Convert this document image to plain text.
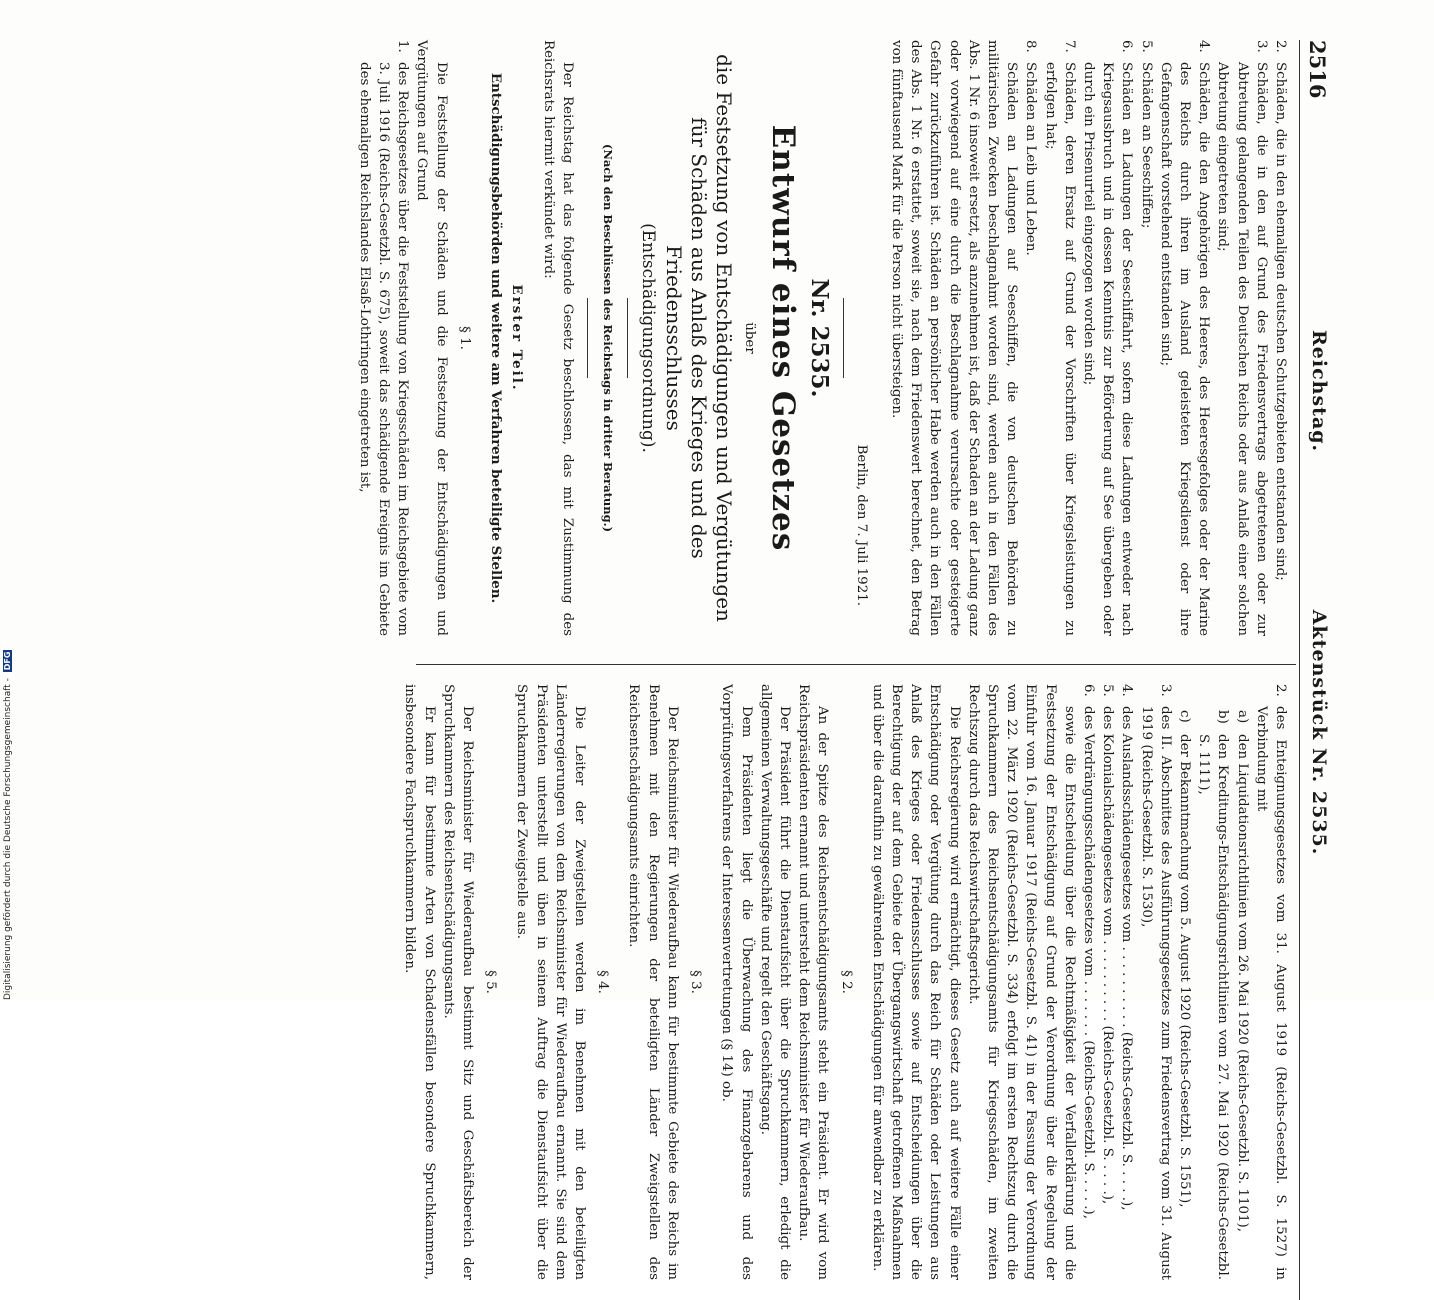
2516
Reichstag. Aktenstück Nr. 2535.

2.
Schäden, die in den ehemaligen deutschen Schutzgebieten entstanden sind;

3.
Schäden, die in den auf Grund des Friedensvertrags abgetretenen oder zur Abtretung gelangenden Teilen des Deutschen Reichs oder aus Anlaß einer solchen Abtretung eingetreten sind;

4.
Schäden, die den Angehörigen des Heeres, des Heeresgefolges oder der Marine des Reichs durch ihren im Ausland geleisteten Kriegsdienst oder ihre Gefangenschaft vorstehend entstanden sind;

5.
Schäden an Seeschiffen;

6.
Schäden an Ladungen der Seeschiffahrt, sofern diese Ladungen entweder nach Kriegsausbruch und in dessen Kenntnis zur Beförderung auf See übergeben oder durch ein Prisenurteil eingezogen worden sind;

7.
Schäden, deren Ersatz auf Grund der Vorschriften über Kriegsleistungen zu erfolgen hat;

8.
Schäden an Leib und Leben.

Schäden an Ladungen auf Seeschiffen, die von deutschen Behörden zu militärischen Zwecken beschlagnahmt worden sind, werden auch in den Fällen des Abs. 1 Nr. 6 insoweit ersetzt, als anzunehmen ist, daß der Schaden an der Ladung ganz oder vorwiegend auf eine durch die Beschlagnahme verursachte oder gesteigerte Gefahr zurückzuführen ist. Schäden an persönlicher Habe werden auch in den Fällen des Abs. 1 Nr. 6 erstattet, soweit sie, nach dem Friedenswert berechnet, den Betrag von fünftausend Mark für die Person nicht übersteigen.

Berlin, den 7. Juli 1921.

Nr. 2535.
Entwurf eines Gesetzes
über
die Festsetzung von Entschädigungen und Vergütungen für Schäden aus Anlaß des Krieges und des Friedensschlusses
(Entschädigungsordnung).
(Nach den Beschlüssen des Reichstags in dritter Beratung.)

Der Reichstag hat das folgende Gesetz beschlossen, das mit Zustimmung des Reichsrats hiermit verkündet wird:

Erster Teil.
Entschädigungsbehörden und weitere am Verfahren beteiligte Stellen.
§ 1.

Die Feststellung der Schäden und die Festsetzung der Entschädigungen und Vergütungen auf Grund

1.
des Reichsgesetzes über die Feststellung von Kriegsschäden im Reichsgebiete vom 3. Juli 1916 (Reichs-Gesetzbl. S. 675), soweit das schädigende Ereignis im Gebiete des ehemaligen Reichslandes Elsaß-Lothringen eingetreten ist,

2.
des Enteignungsgesetzes vom 31. August 1919 (Reichs-Gesetzbl. S. 1527) in Verbindung mit

a)
den Liquidationsrichtlinien vom 26. Mai 1920 (Reichs-Gesetzbl. S. 1101),

b)
den Kreditungs-Entschädigungsrichtlinien vom 27. Mai 1920 (Reichs-Gesetzbl. S. 1111),

c)
der Bekanntmachung vom 5. August 1920 (Reichs-Gesetzbl. S. 1551),

3.
des II. Abschnittes des Ausführungsgesetzes zum Friedensvertrag vom 31. August 1919 (Reichs-Gesetzbl. S. 1530),

4.
des Auslandsschädengesetzes vom . . . . . . . . . . (Reichs-Gesetzbl. S. . . . .),

5.
des Kolonialschädengesetzes vom . . . . . . . . . . (Reichs-Gesetzbl. S. . . . .),

6.
des Verdrängungsschädengesetzes vom . . . . . . . (Reichs-Gesetzbl. S. . . . .),

sowie die Entscheidung über die Rechtmäßigkeit der Verfallerklärung und die Festsetzung der Entschädigung auf Grund der Verordnung über die Regelung der Einfuhr vom 16. Januar 1917 (Reichs-Gesetzbl. S. 41) in der Fassung der Verordnung vom 22. März 1920 (Reichs-Gesetzbl. S. 334) erfolgt im ersten Rechtszug durch die Spruchkammern des Reichsentschädigungsamts für Kriegsschäden, im zweiten Rechtszug durch das Reichswirtschaftsgericht.

Die Reichsregierung wird ermächtigt, dieses Gesetz auch auf weitere Fälle einer Entschädigung oder Vergütung durch das Reich für Schäden oder Leistungen aus Anlaß des Krieges oder Friedensschlusses sowie auf Entscheidungen über die Berechtigung der auf dem Gebiete der Übergangswirtschaft getroffenen Maßnahmen und über die daraufhin zu gewährenden Entschädigungen für anwendbar zu erklären.

§ 2.

An der Spitze des Reichsentschädigungsamts steht ein Präsident. Er wird vom Reichspräsidenten ernannt und untersteht dem Reichsminister für Wiederaufbau.

Der Präsident führt die Dienstaufsicht über die Spruchkammern, erledigt die allgemeinen Verwaltungsgeschäfte und regelt den Geschäftsgang.

Dem Präsidenten liegt die Überwachung des Finanzgebarens und des Vorprüfungsverfahrens der Interessenvertretungen (§ 14) ob.

§ 3.

Der Reichsminister für Wiederaufbau kann für bestimmte Gebiete des Reichs im Benehmen mit den Regierungen der beteiligten Länder Zweigstellen des Reichsentschädigungsamts einrichten.

§ 4.

Die Leiter der Zweigstellen werden im Benehmen mit den beteiligten Länderregierungen von dem Reichsminister für Wiederaufbau ernannt. Sie sind dem Präsidenten unterstellt und üben in seinem Auftrag die Dienstaufsicht über die Spruchkammern der Zweigstelle aus.

§ 5.

Der Reichsminister für Wiederaufbau bestimmt Sitz und Geschäftsbereich der Spruchkammern des Reichsentschädigungsamts.

Er kann für bestimmte Arten von Schadensfällen besondere Spruchkammern, insbesondere Fachspruchkammern bilden.

Digitalisierung gefördert durch die Deutsche Forschungsgemeinschaft - DFG
